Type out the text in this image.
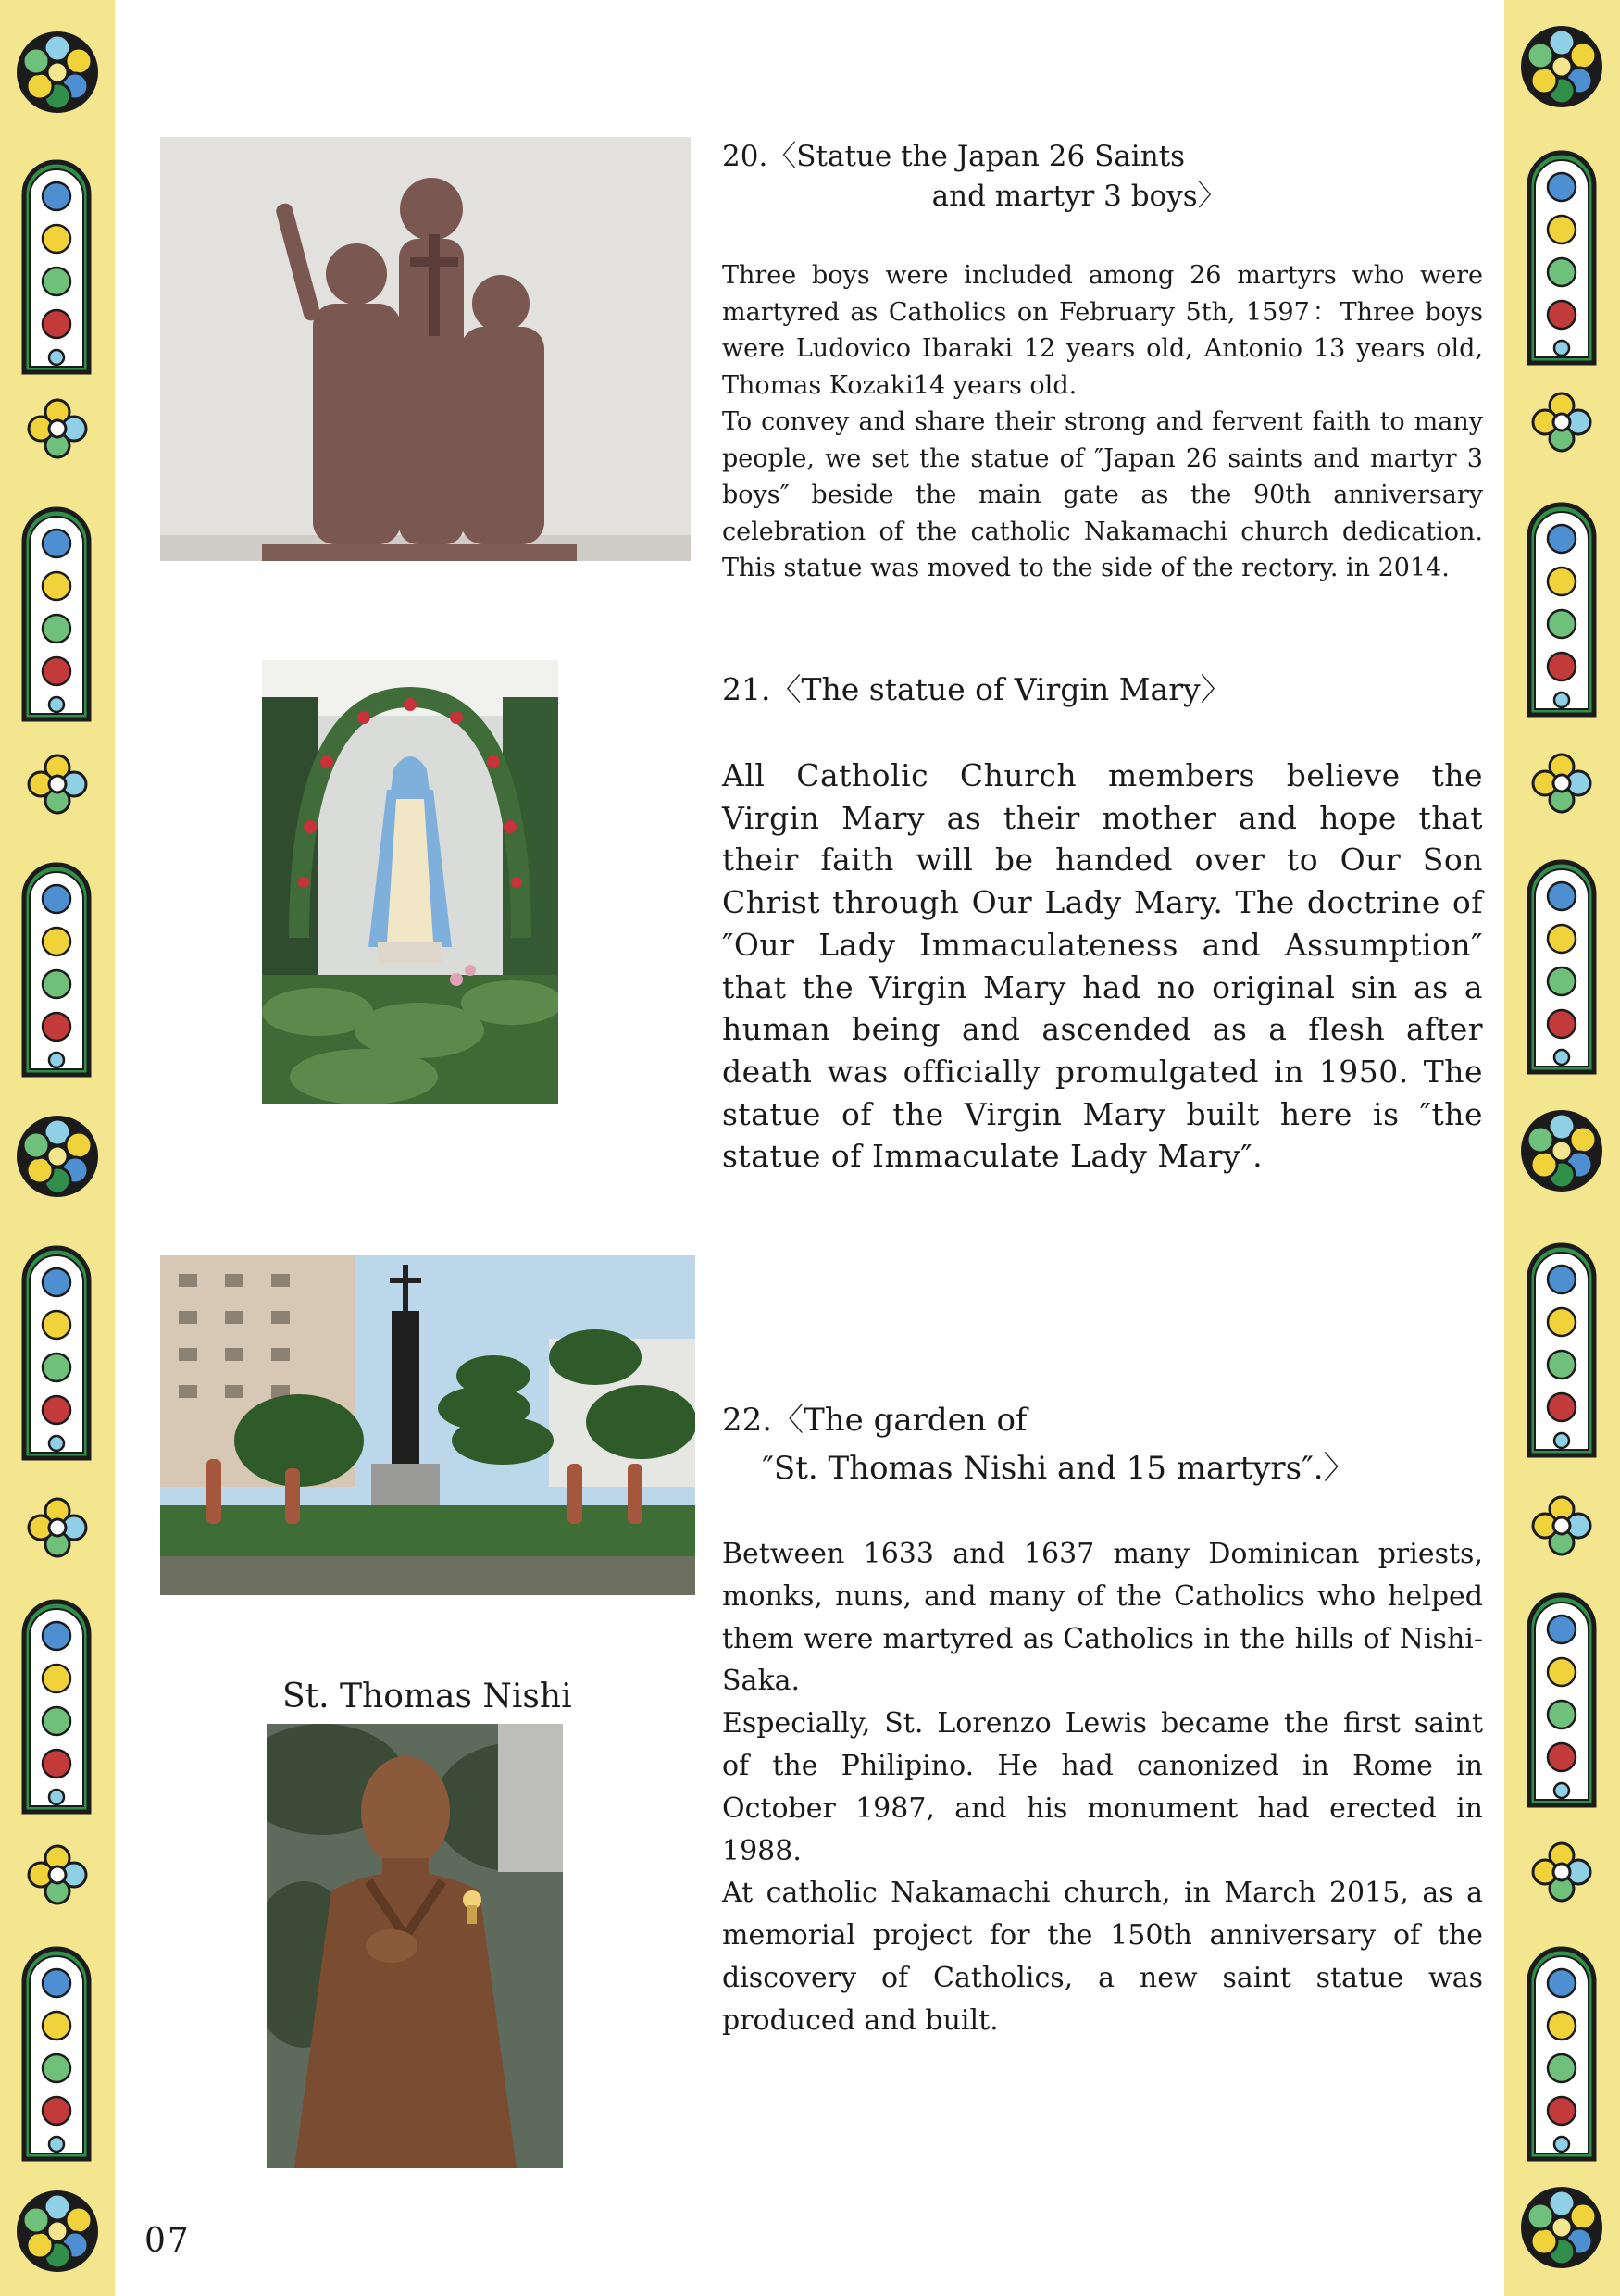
20.〈Statue the Japan 26 Saints
and martyr 3 boys〉

Three boys were included among 26 martyrs who were martyred as Catholics on February 5th, 1597：Three boys were Ludovico Ibaraki 12 years old, Antonio 13 years old, Thomas Kozaki14 years old.

To convey and share their strong and fervent faith to many people, we set the statue of ″Japan 26 saints and martyr 3 boys″ beside the main gate as the 90th anniversary celebration of the catholic Nakamachi church dedication. This statue was moved to the side of the rectory. in 2014.

21.〈The statue of Virgin Mary〉

All Catholic Church members believe the Virgin Mary as their mother and hope that their faith will be handed over to Our Son Christ through Our Lady Mary. The doctrine of ″Our Lady Immaculateness and Assumption″ that the Virgin Mary had no original sin as a human being and ascended as a flesh after death was officially promulgated in 1950. The statue of the Virgin Mary built here is ″the statue of Immaculate Lady Mary″.

22.〈The garden of
″St. Thomas Nishi and 15 martyrs″.〉

Between 1633 and 1637 many Dominican priests, monks, nuns, and many of the Catholics who helped them were martyred as Catholics in the hills of Nishi-Saka.

Especially, St. Lorenzo Lewis became the first saint of the Philipino. He had canonized in Rome in October 1987, and his monument had erected in 1988.

At catholic Nakamachi church, in March 2015, as a memorial project for the 150th anniversary of the discovery of Catholics, a new saint statue was produced and built.

St. Thomas Nishi
07
